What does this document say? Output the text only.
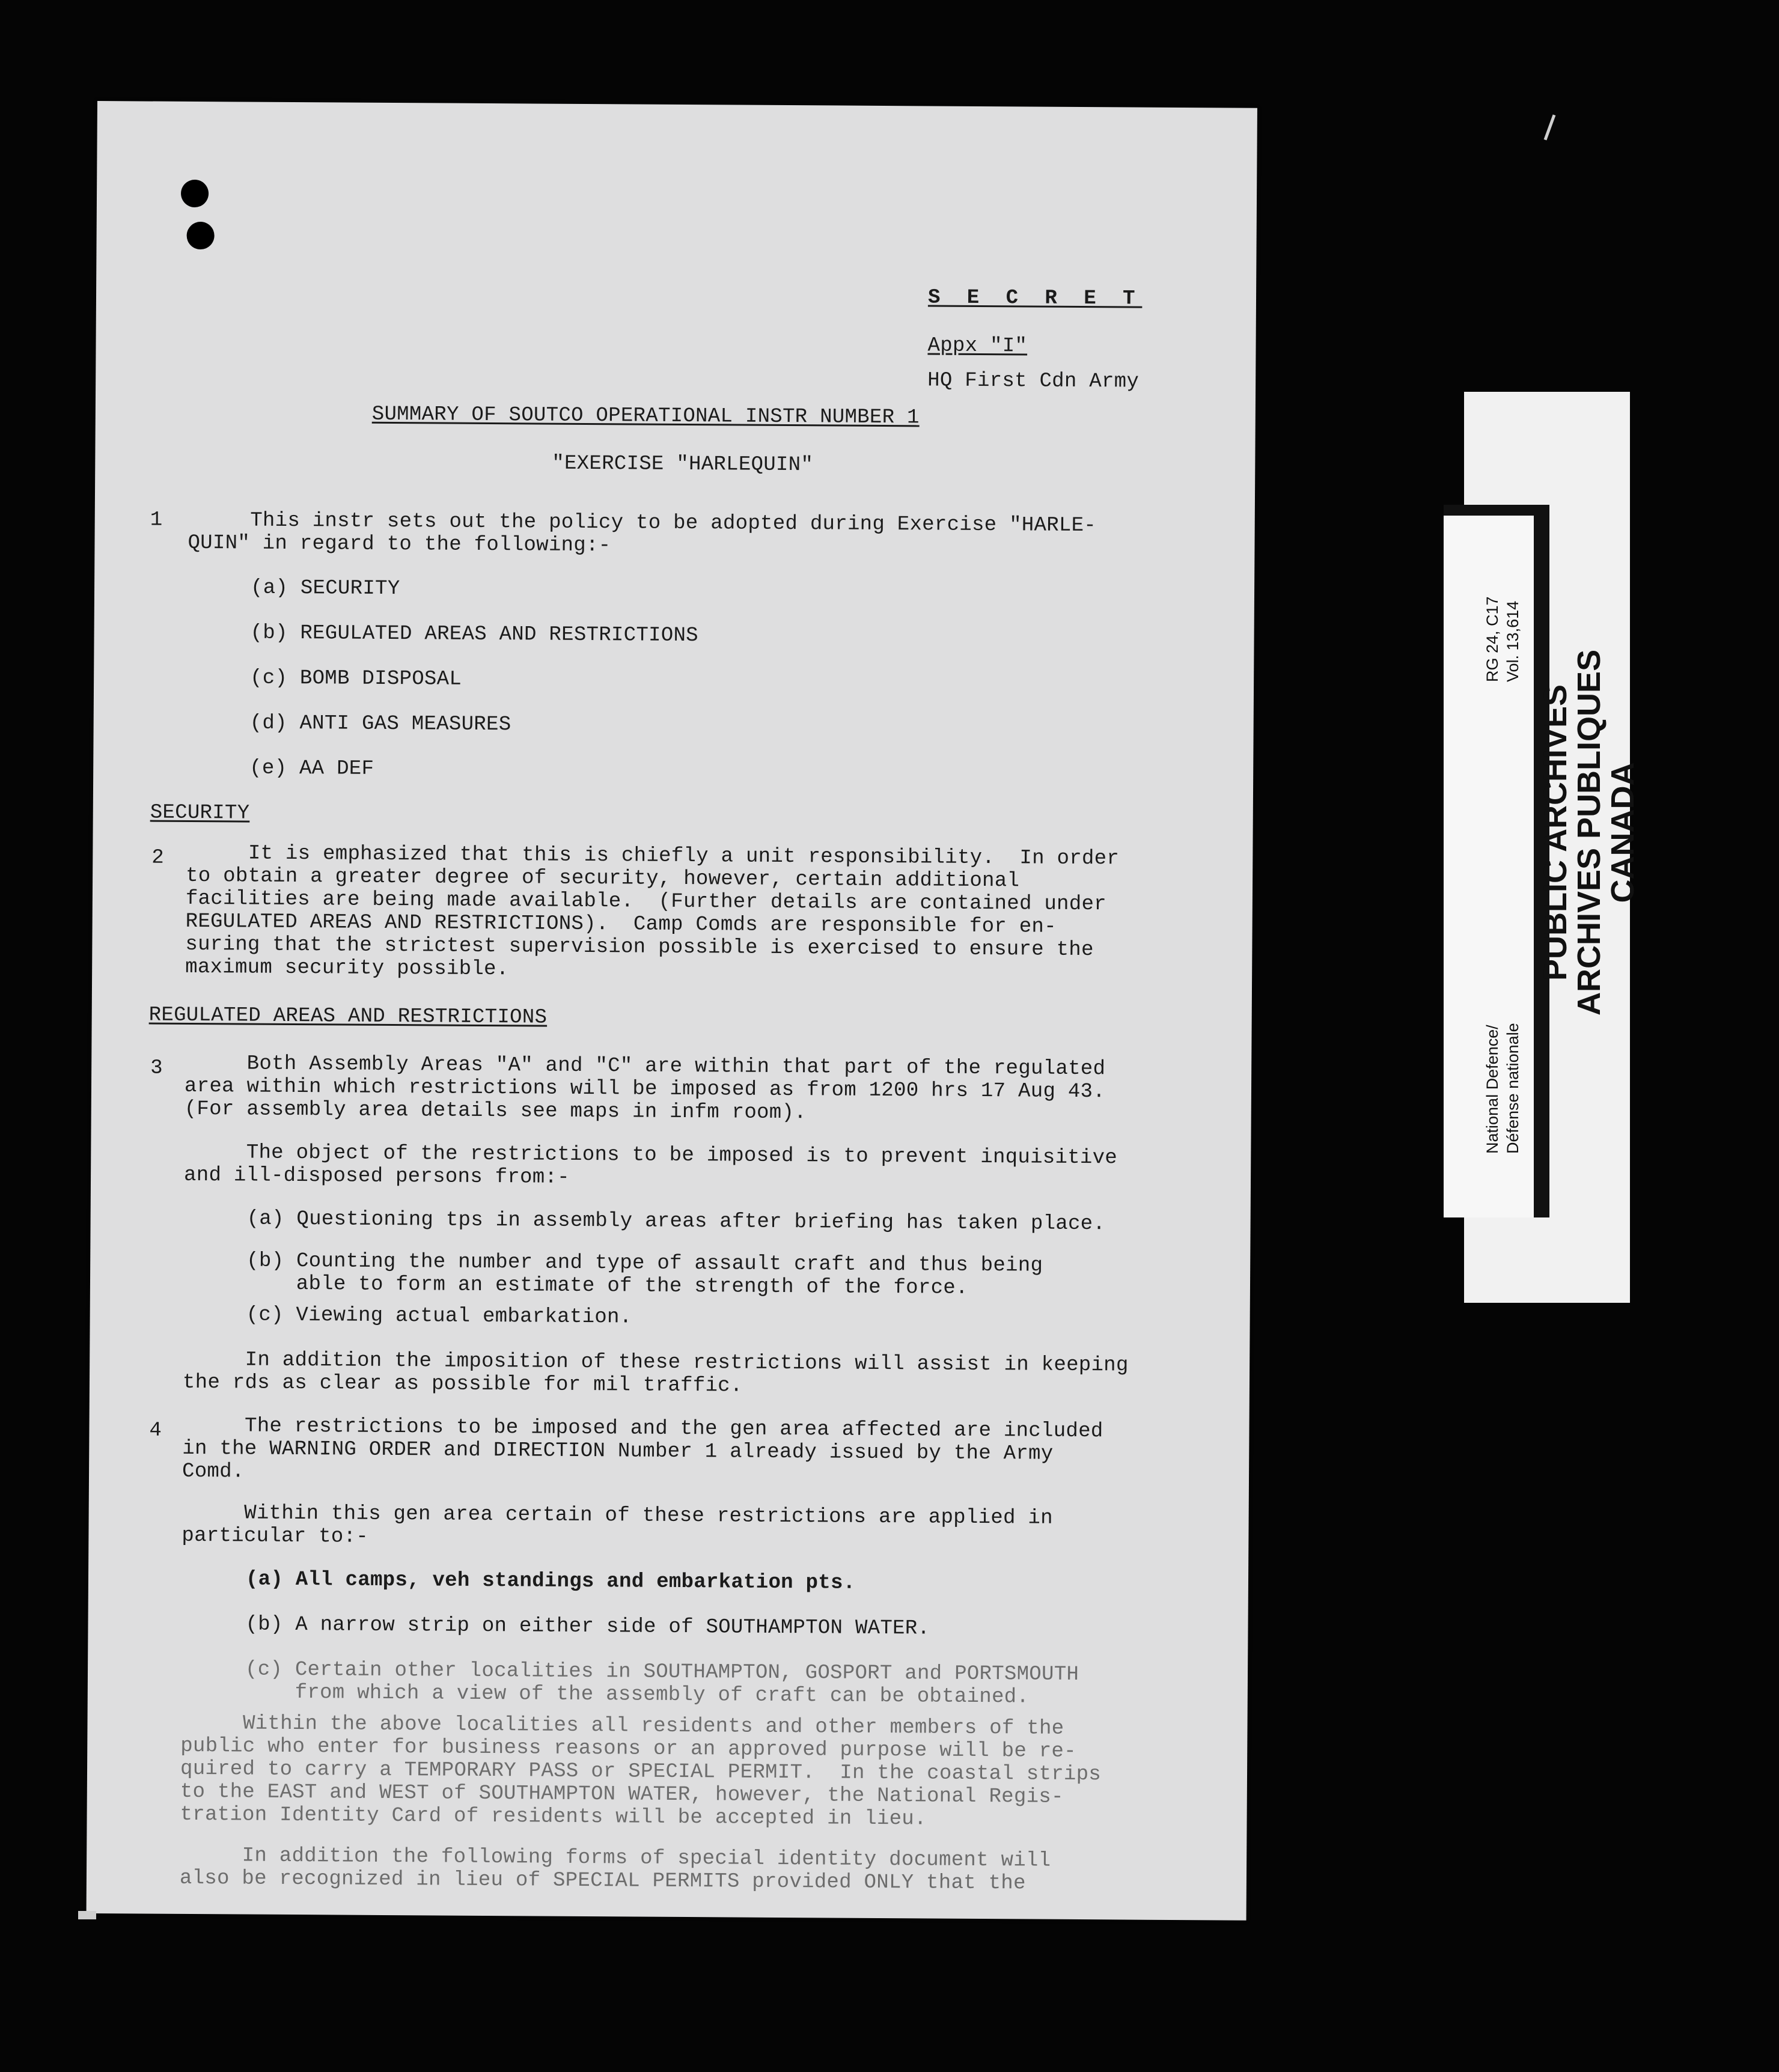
S E C R E T
Appx "I"
HQ First Cdn Army
SUMMARY OF SOUTCO OPERATIONAL INSTR NUMBER 1
"EXERCISE "HARLEQUIN"
1 This instr sets out the policy to be adopted during Exercise "HARLE-
QUIN" in regard to the following:-
(a) SECURITY
(b) REGULATED AREAS AND RESTRICTIONS
(c) BOMB DISPOSAL
(d) ANTI GAS MEASURES
(e) AA DEF
SECURITY
2 It is emphasized that this is chiefly a unit responsibility.  In order
to obtain a greater degree of security, however, certain additional
facilities are being made available.  (Further details are contained under
REGULATED AREAS AND RESTRICTIONS).  Camp Comds are responsible for en-
suring that the strictest supervision possible is exercised to ensure the
maximum security possible.
REGULATED AREAS AND RESTRICTIONS
3 Both Assembly Areas "A" and "C" are within that part of the regulated
area within which restrictions will be imposed as from 1200 hrs 17 Aug 43.
(For assembly area details see maps in infm room).
The object of the restrictions to be imposed is to prevent inquisitive
and ill-disposed persons from:-
(a) Questioning tps in assembly areas after briefing has taken place.
(b) Counting the number and type of assault craft and thus being
able to form an estimate of the strength of the force.
(c) Viewing actual embarkation.
In addition the imposition of these restrictions will assist in keeping
the rds as clear as possible for mil traffic.
4 The restrictions to be imposed and the gen area affected are included
in the WARNING ORDER and DIRECTION Number 1 already issued by the Army
Comd.
Within this gen area certain of these restrictions are applied in
particular to:-
(a) All camps, veh standings and embarkation pts.
(b) A narrow strip on either side of SOUTHAMPTON WATER.
(c) Certain other localities in SOUTHAMPTON, GOSPORT and PORTSMOUTH
from which a view of the assembly of craft can be obtained.
Within the above localities all residents and other members of the
public who enter for business reasons or an approved purpose will be re-
quired to carry a TEMPORARY PASS or SPECIAL PERMIT.  In the coastal strips
to the EAST and WEST of SOUTHAMPTON WATER, however, the National Regis-
tration Identity Card of residents will be accepted in lieu.
In addition the following forms of special identity document will
also be recognized in lieu of SPECIAL PERMITS provided ONLY that the
RG 24, C17
Vol. 13,614
National Defence/
Défense nationale
PUBLIC ARCHIVES
ARCHIVES PUBLIQUES
CANADA
